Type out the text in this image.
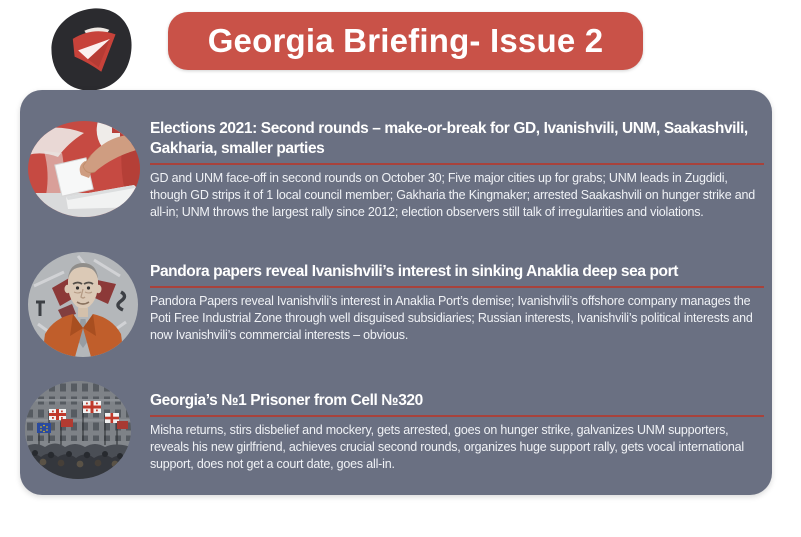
Georgia Briefing- Issue 2
Elections 2021: Second rounds – make-or-break for GD, Ivanishvili, UNM, Saakashvili, Gakharia, smaller parties

GD and UNM face-off in second rounds on October 30; Five major cities up for grabs; UNM leads in Zugdidi, though GD strips it of 1 local council member; Gakharia the Kingmaker; arrested Saakashvili on hunger strike and all-in; UNM throws the largest rally since 2012; election observers still talk of irregularities and violations.

Pandora papers reveal Ivanishvili’s interest in sinking Anaklia deep sea port

Pandora Papers reveal Ivanishvili’s interest in Anaklia Port’s demise; Ivanishvili’s offshore company manages the Poti Free Industrial Zone through well disguised subsidiaries; Russian interests, Ivanishvili’s political interests and now Ivanishvili’s commercial interests – obvious.

Georgia’s №1 Prisoner from Cell №320

Misha returns, stirs disbelief and mockery, gets arrested, goes on hunger strike, galvanizes UNM supporters, reveals his new girlfriend, achieves crucial second rounds, organizes huge support rally, gets vocal international support, does not get a court date, goes all-in.
